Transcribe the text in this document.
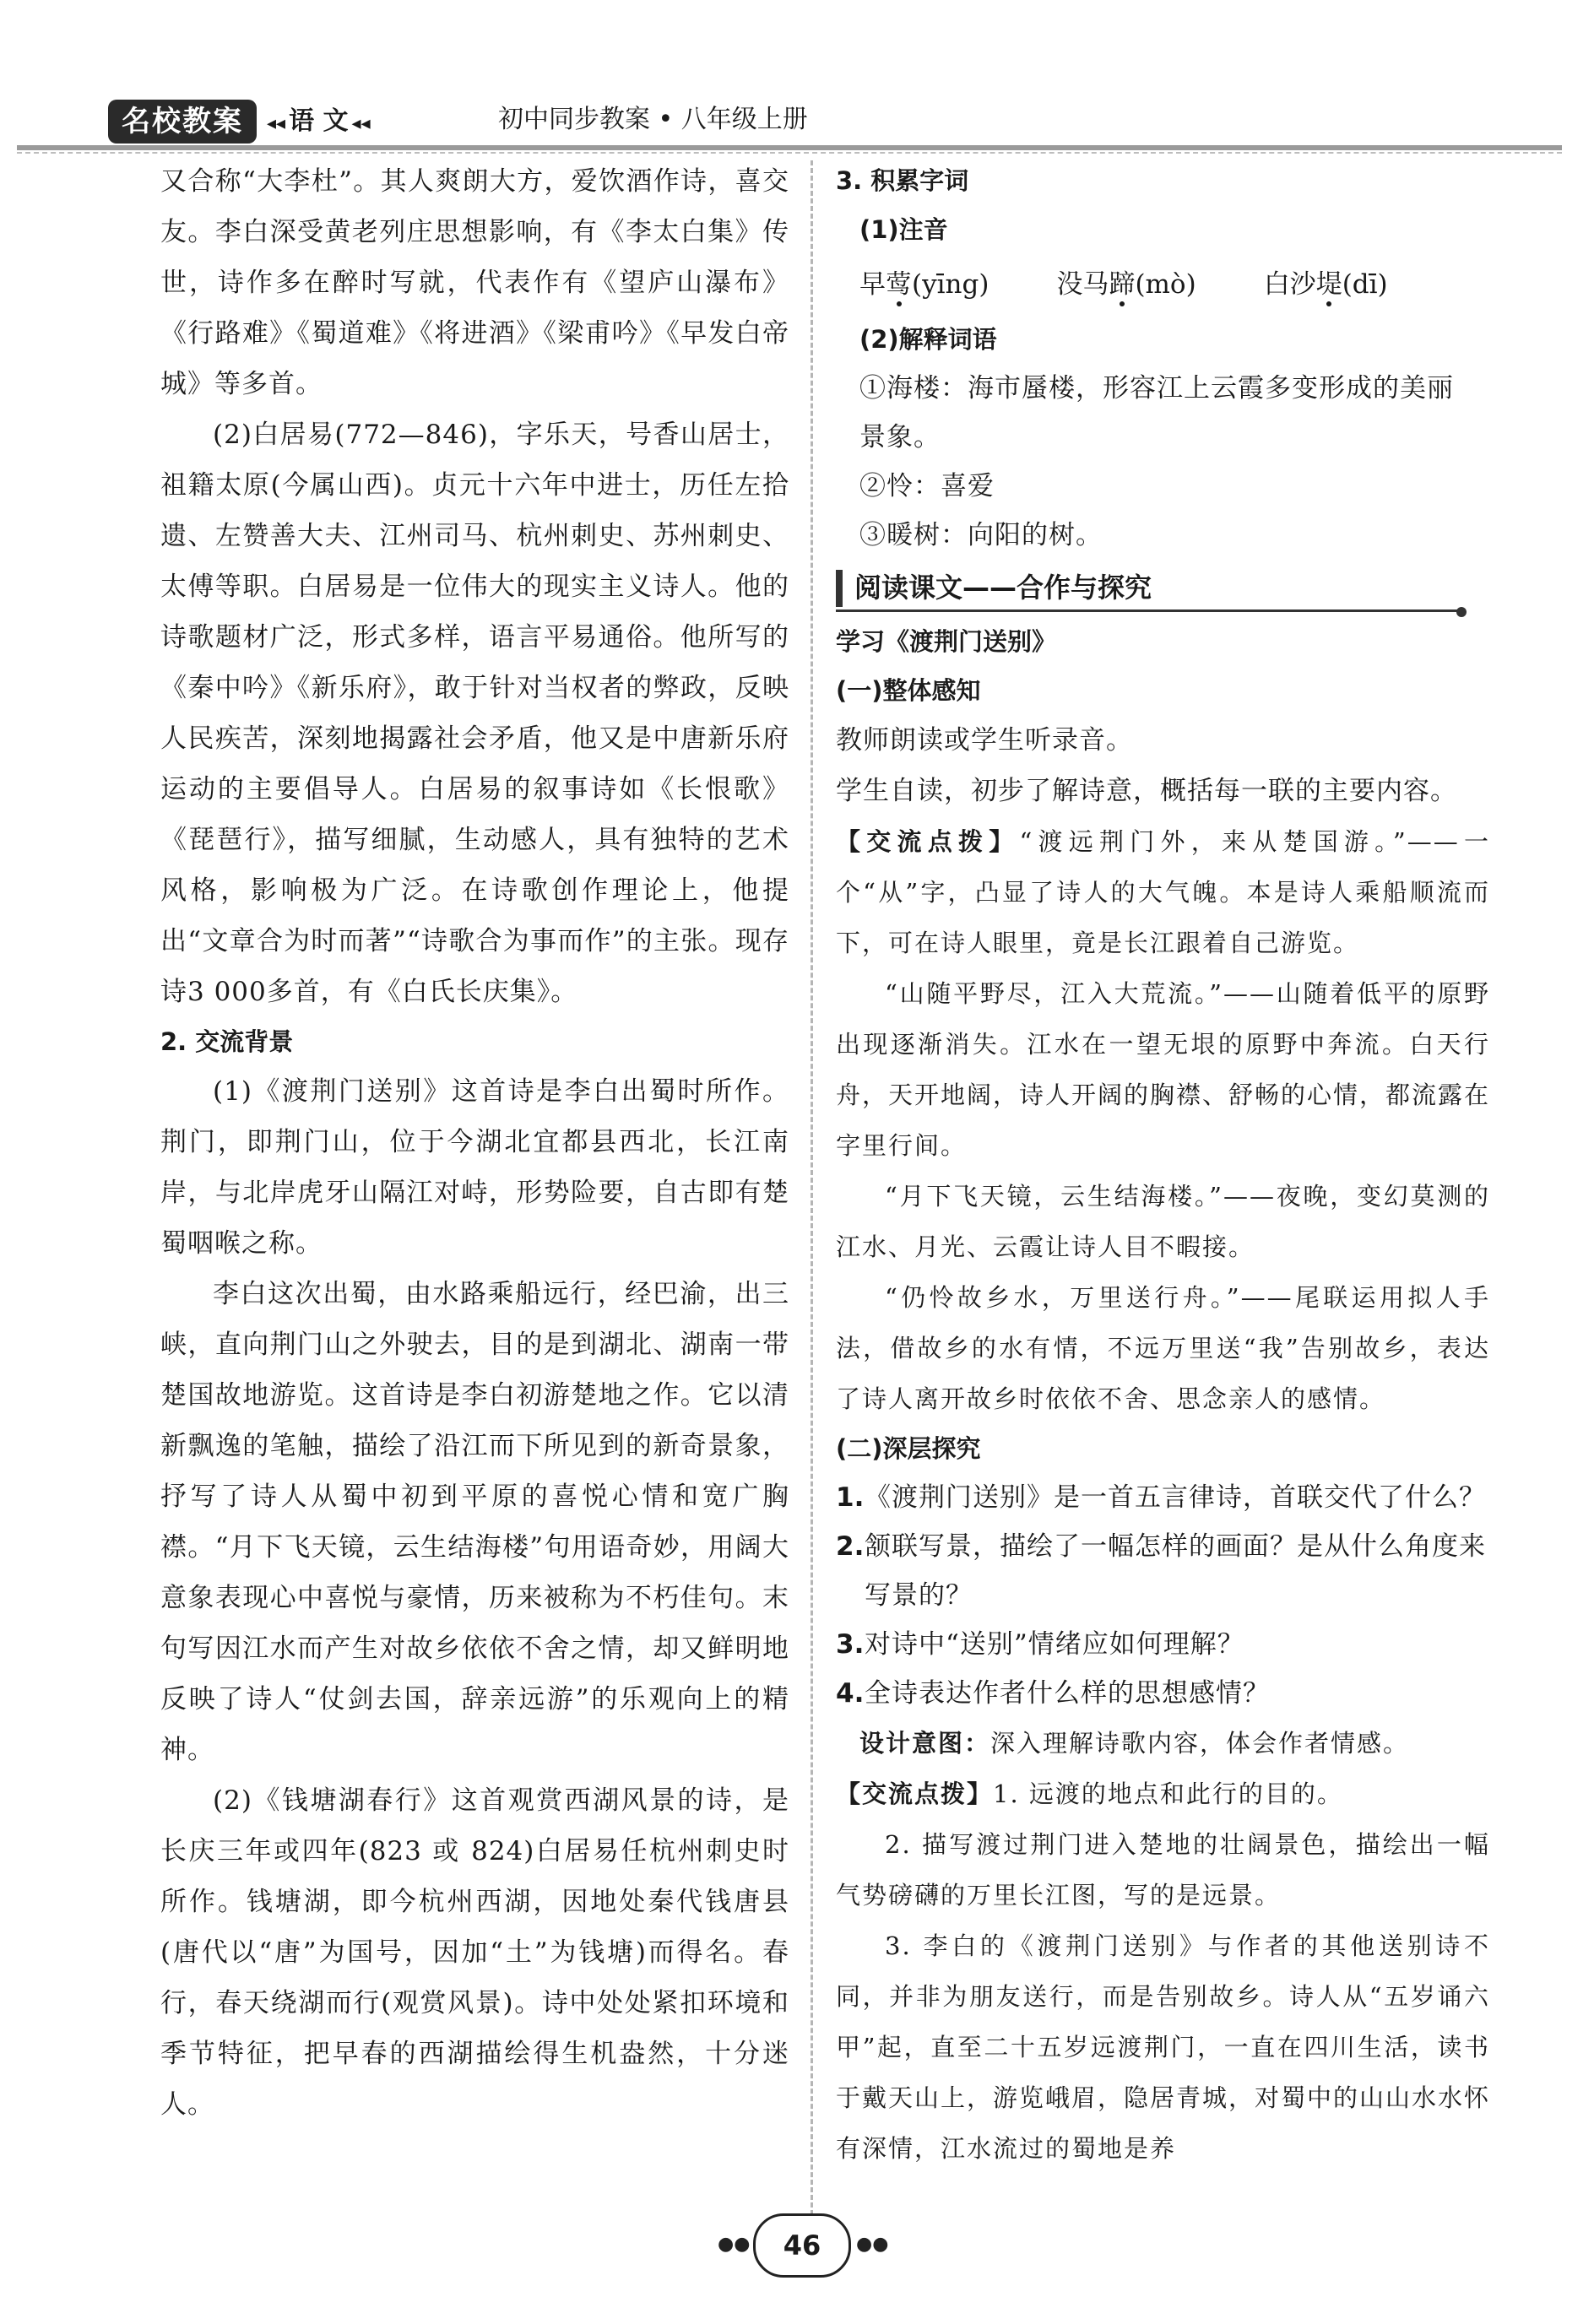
名校教案	◂◂ 语 文 ◂◂	初中同步教案 • 八年级上册

又合称“大李杜”。其人爽朗大方，爱饮酒作诗，喜交友。李白深受黄老列庄思想影响，有《李太白集》传世，诗作多在醉时写就，代表作有《望庐山瀑布》《行路难》《蜀道难》《将进酒》《梁甫吟》《早发白帝城》等多首。

(2)白居易(772—846)，字乐天，号香山居士，祖籍太原(今属山西)。贞元十六年中进士，历任左拾遗、左赞善大夫、江州司马、杭州刺史、苏州刺史、太傅等职。白居易是一位伟大的现实主义诗人。他的诗歌题材广泛，形式多样，语言平易通俗。他所写的《秦中吟》《新乐府》，敢于针对当权者的弊政，反映人民疾苦，深刻地揭露社会矛盾，他又是中唐新乐府运动的主要倡导人。白居易的叙事诗如《长恨歌》《琵琶行》，描写细腻，生动感人，具有独特的艺术风格，影响极为广泛。在诗歌创作理论上，他提出“文章合为时而著”“诗歌合为事而作”的主张。现存诗3 000多首，有《白氏长庆集》。

2. 交流背景

(1)《渡荆门送别》这首诗是李白出蜀时所作。荆门，即荆门山，位于今湖北宜都县西北，长江南岸，与北岸虎牙山隔江对峙，形势险要，自古即有楚蜀咽喉之称。

李白这次出蜀，由水路乘船远行，经巴渝，出三峡，直向荆门山之外驶去，目的是到湖北、湖南一带楚国故地游览。这首诗是李白初游楚地之作。它以清新飘逸的笔触，描绘了沿江而下所见到的新奇景象，抒写了诗人从蜀中初到平原的喜悦心情和宽广胸襟。“月下飞天镜，云生结海楼”句用语奇妙，用阔大意象表现心中喜悦与豪情，历来被称为不朽佳句。末句写因江水而产生对故乡依依不舍之情，却又鲜明地反映了诗人“仗剑去国，辞亲远游”的乐观向上的精神。

(2)《钱塘湖春行》这首观赏西湖风景的诗，是长庆三年或四年(823 或 824)白居易任杭州刺史时所作。钱塘湖，即今杭州西湖，因地处秦代钱唐县(唐代以“唐”为国号，因加“土”为钱塘)而得名。春行，春天绕湖而行(观赏风景)。诗中处处紧扣环境和季节特征，把早春的西湖描绘得生机盎然，十分迷人。

3. 积累字词

(1)注音

早莺(yīng)	没马蹄(mò)	白沙堤(dī)

(2)解释词语

①海楼：海市蜃楼，形容江上云霞多变形成的美丽

景象。

②怜：喜爱

③暖树：向阳的树。

阅读课文——合作与探究

学习《渡荆门送别》

(一)整体感知

教师朗读或学生听录音。

学生自读，初步了解诗意，概括每一联的主要内容。

【交流点拨】“渡远荆门外，来从楚国游。”——一个“从”字，凸显了诗人的大气魄。本是诗人乘船顺流而下，可在诗人眼里，竟是长江跟着自己游览。

“山随平野尽，江入大荒流。”——山随着低平的原野出现逐渐消失。江水在一望无垠的原野中奔流。白天行舟，天开地阔，诗人开阔的胸襟、舒畅的心情，都流露在字里行间。

“月下飞天镜，云生结海楼。”——夜晚，变幻莫测的江水、月光、云霞让诗人目不暇接。

“仍怜故乡水，万里送行舟。”——尾联运用拟人手法，借故乡的水有情，不远万里送“我”告别故乡，表达了诗人离开故乡时依依不舍、思念亲人的感情。

(二)深层探究

1. 《渡荆门送别》是一首五言律诗，首联交代了什么？
2. 颔联写景，描绘了一幅怎样的画面？是从什么角度来写景的？
3. 对诗中“送别”情绪应如何理解？
4. 全诗表达作者什么样的思想感情？

设计意图：深入理解诗歌内容，体会作者情感。

【交流点拨】1. 远渡的地点和此行的目的。

2. 描写渡过荆门进入楚地的壮阔景色，描绘出一幅气势磅礴的万里长江图，写的是远景。

3. 李白的《渡荆门送别》与作者的其他送别诗不同，并非为朋友送行，而是告别故乡。诗人从“五岁诵六甲”起，直至二十五岁远渡荆门，一直在四川生活，读书于戴天山上，游览峨眉，隐居青城，对蜀中的山山水水怀有深情，江水流过的蜀地是养

●●	46	●●
